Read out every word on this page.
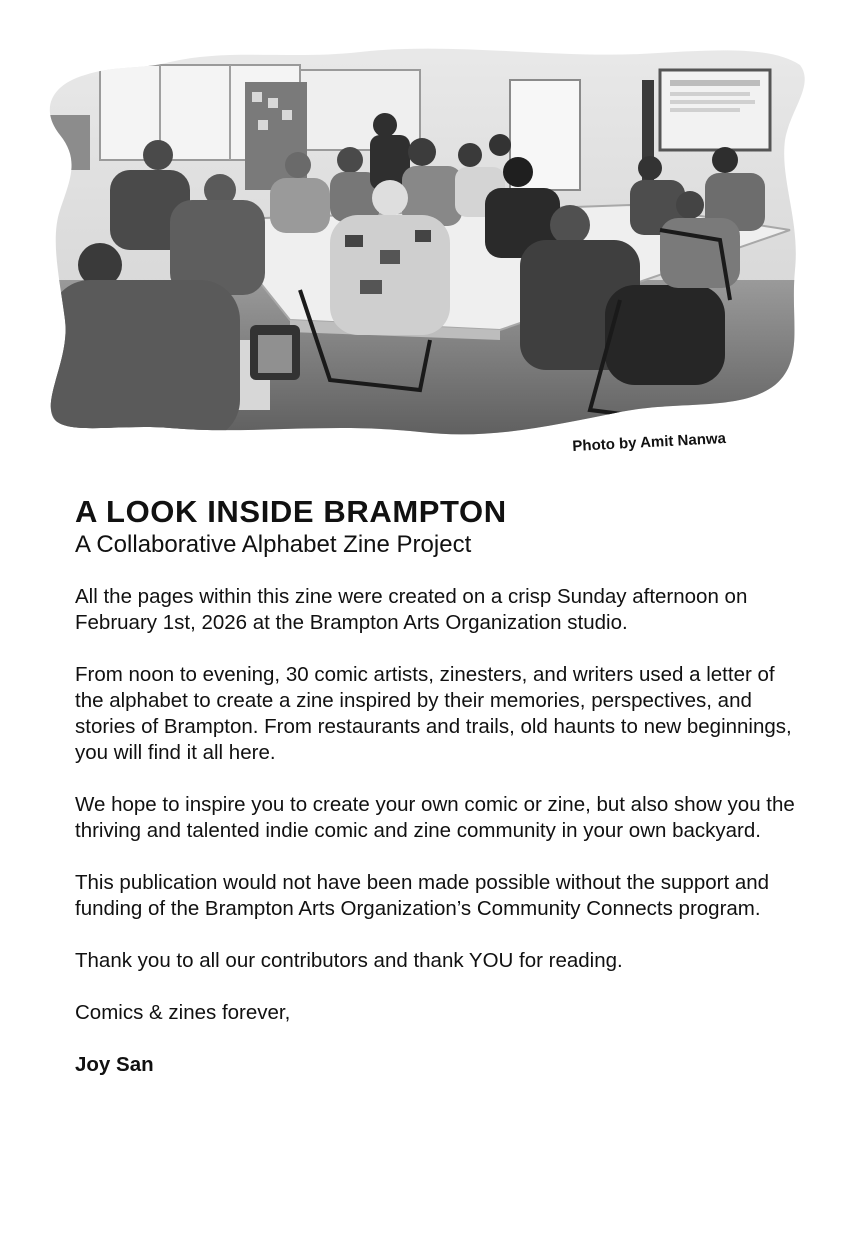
Photo by Amit Nanwa
A LOOK INSIDE BRAMPTON

A Collaborative Alphabet Zine Project

All the pages within this zine were created on a crisp Sunday afternoon on February 1st, 2026 at the Brampton Arts Organization studio.

From noon to evening, 30 comic artists, zinesters, and writers used a letter of the alphabet to create a zine inspired by their memories, perspectives, and stories of Brampton. From restaurants and trails, old haunts to new beginnings, you will find it all here.

We hope to inspire you to create your own comic or zine, but also show you the thriving and talented indie comic and zine community in your own backyard.

This publication would not have been made possible without the support and funding of the Brampton Arts Organization’s Community Connects program.

Thank you to all our contributors and thank YOU for reading.

Comics & zines forever,

Joy San
